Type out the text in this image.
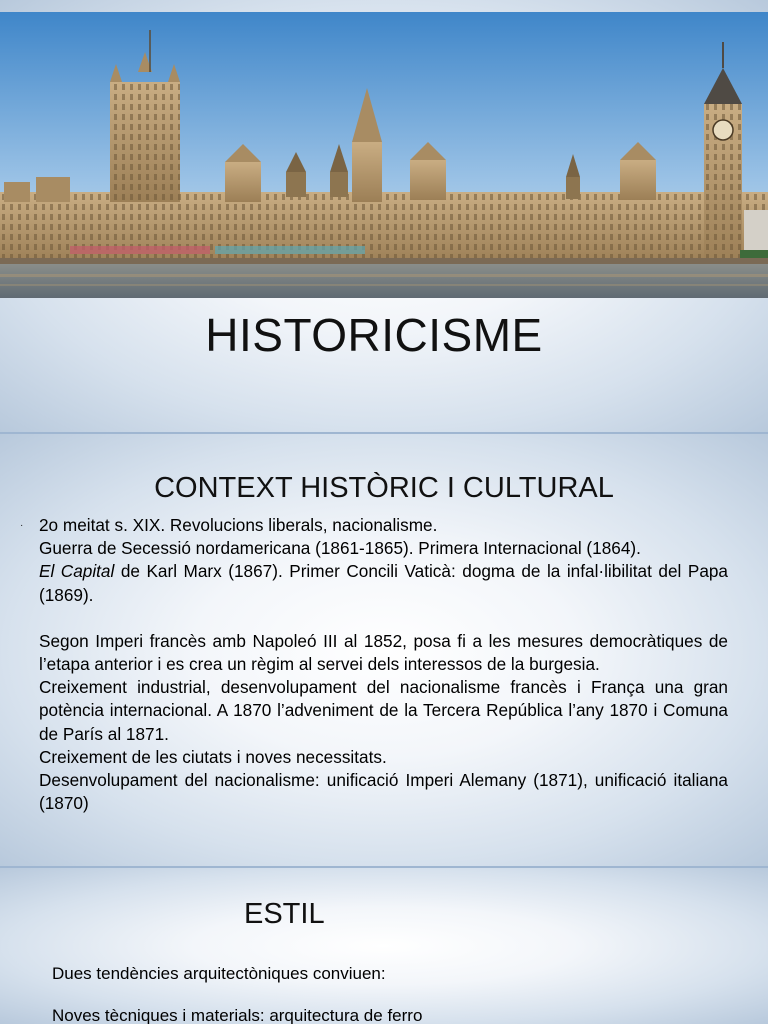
HISTORICISME
CONTEXT HISTÒRIC I CULTURAL
· 2o meitat s. XIX. Revolucions liberals, nacionalisme.

Guerra de Secessió nordamericana (1861-1865). Primera Internacional (1864).

El Capital de Karl Marx (1867). Primer Concili Vaticà: dogma de la infal·libilitat del Papa (1869).

Segon Imperi francès amb Napoleó III al 1852, posa fi a les mesures democràtiques de l’etapa anterior i es crea un règim al servei dels interessos de la burgesia.

Creixement industrial, desenvolupament del nacionalisme francès i França una gran potència internacional. A 1870 l’adveniment de la Tercera República l’any 1870 i Comuna de París al 1871.

Creixement de les ciutats i noves necessitats.

Desenvolupament del nacionalisme: unificació Imperi Alemany (1871), unificació italiana (1870)

ESTIL
Dues tendències arquitectòniques conviuen:
Noves tècniques i materials: arquitectura de ferro
